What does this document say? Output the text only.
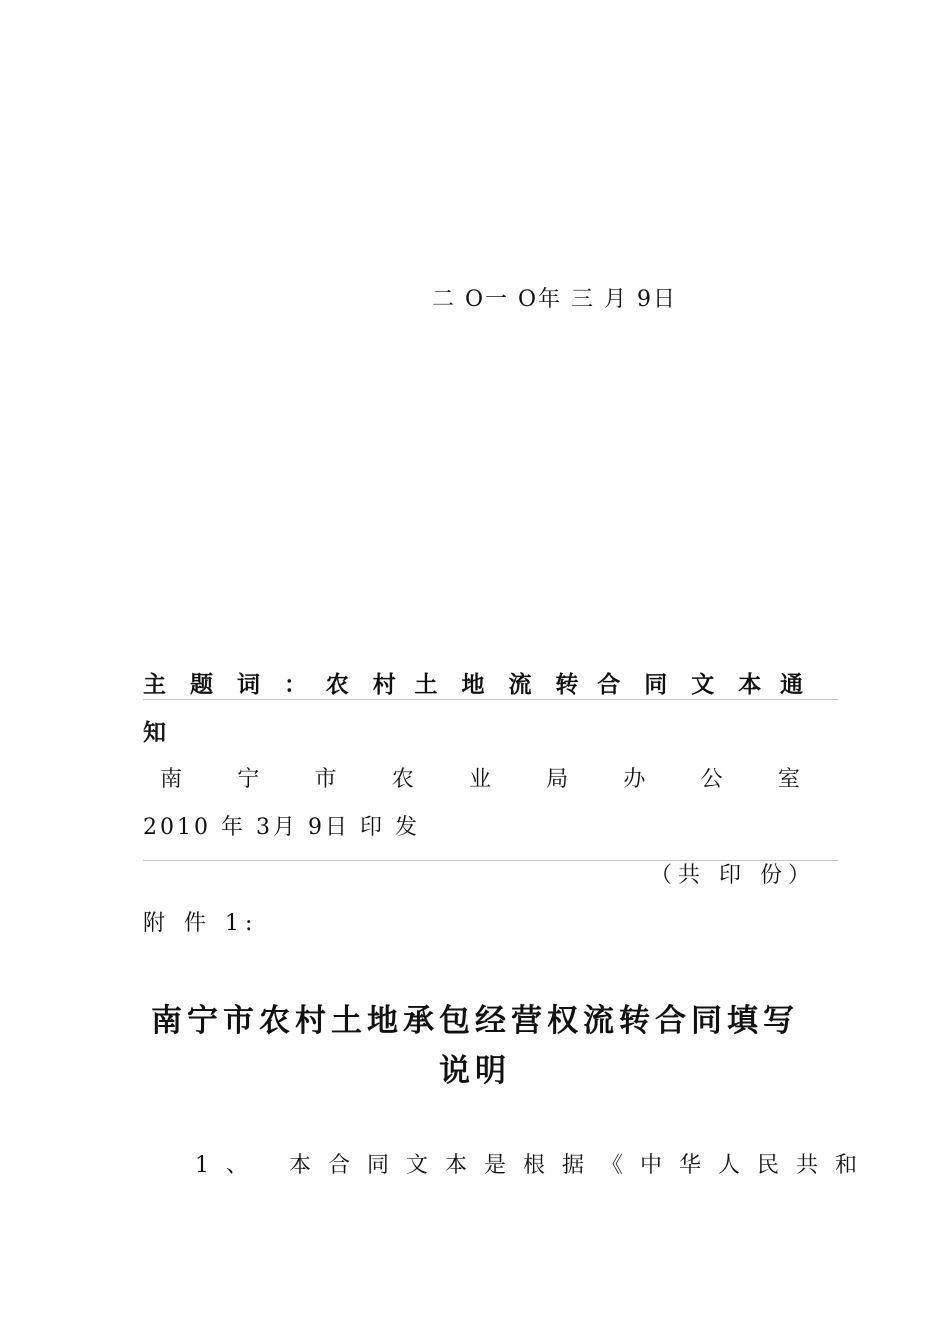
二 O一 O年 三 月 9日
主 题 词 ： 农 村 土 地 流 转 合 同 文 本 通
知
南	宁	市	农	业	局	办	公	室
2010 年 3月 9日 印 发
（共 印 份）
附 件 1:
南宁市农村土地承包经营权流转合同填写
说明
1、 本合同文本是根据《中华人民共和
